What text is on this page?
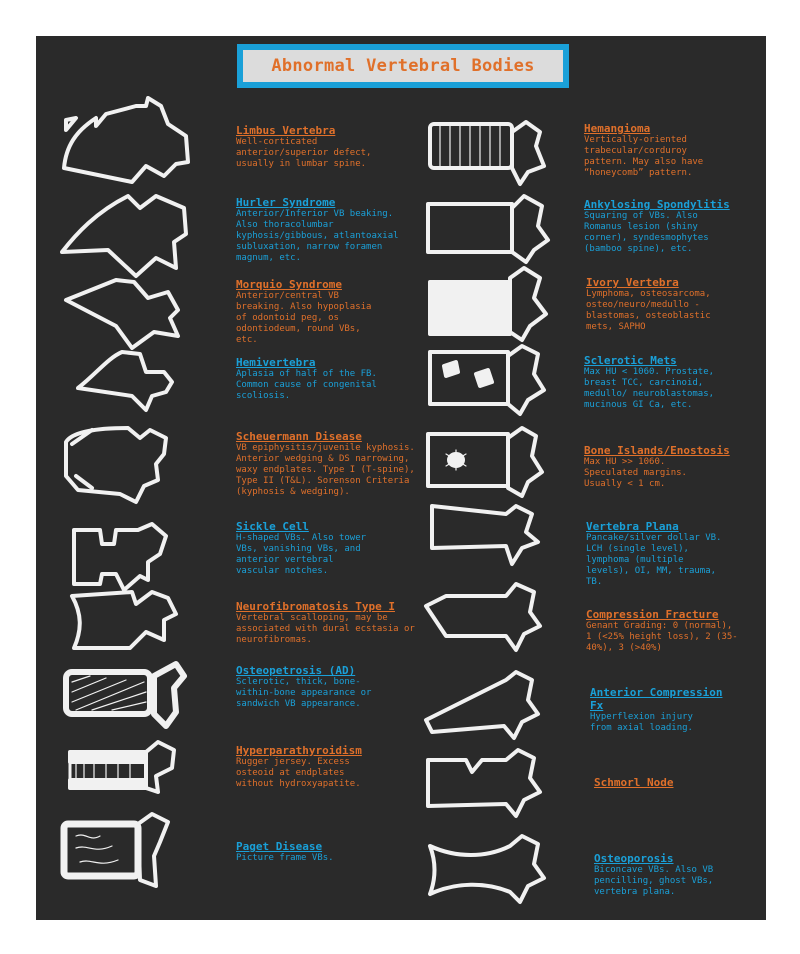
Abnormal Vertebral Bodies
Limbus Vertebra
Well-corticated anterior/superior defect, usually in lumbar spine.
Hurler Syndrome
Anterior/Inferior VB beaking. Also thoracolumbar kyphosis/gibbous, atlantoaxial subluxation, narrow foramen magnum, etc.
Morquio Syndrome
Anterior/central VB breaking. Also hypoplasia of odontoid peg, os odontiodeum, round VBs, etc.
Hemivertebra
Aplasia of half of the FB. Common cause of congenital scoliosis.
Scheuermann Disease
VB epiphysitis/juvenile kyphosis. Anterior wedging & DS narrowing, waxy endplates. Type I (T-spine), Type II (T&L). Sorenson Criteria (kyphosis & wedging).
Sickle Cell
H-shaped VBs. Also tower VBs, vanishing VBs, and anterior vertebral vascular notches.
Neurofibromatosis Type I
Vertebral scalloping, may be associated with dural ecstasia or neurofibromas.
Osteopetrosis (AD)
Sclerotic, thick, bone-within-bone appearance or sandwich VB appearance.
Hyperparathyroidism
Rugger jersey. Excess osteoid at endplates without hydroxyapatite.
Paget Disease
Picture frame VBs.
Hemangioma
Vertically-oriented trabecular/corduroy pattern. May also have “honeycomb” pattern.
Ankylosing Spondylitis
Squaring of VBs. Also Romanus lesion (shiny corner), syndesmophytes (bamboo spine), etc.
Ivory Vertebra
Lymphoma, osteosarcoma, osteo/neuro/medullo -blastomas, osteoblastic mets, SAPHO
Sclerotic Mets
Max HU < 1060. Prostate, breast TCC, carcinoid, medullo/ neuroblastomas, mucinous GI Ca, etc.
Bone Islands/Enostosis
Max HU >> 1060. Speculated margins. Usually < 1 cm.
Vertebra Plana
Pancake/silver dollar VB. LCH (single level), lymphoma (multiple levels), OI, MM, trauma, TB.
Compression Fracture
Genant Grading: 0 (normal), 1 (<25% height loss), 2 (35-40%), 3 (>40%)
Anterior Compression Fx
Hyperflexion injury from axial loading.
Schmorl Node
Osteoporosis
Biconcave VBs. Also VB pencilling, ghost VBs, vertebra plana.
